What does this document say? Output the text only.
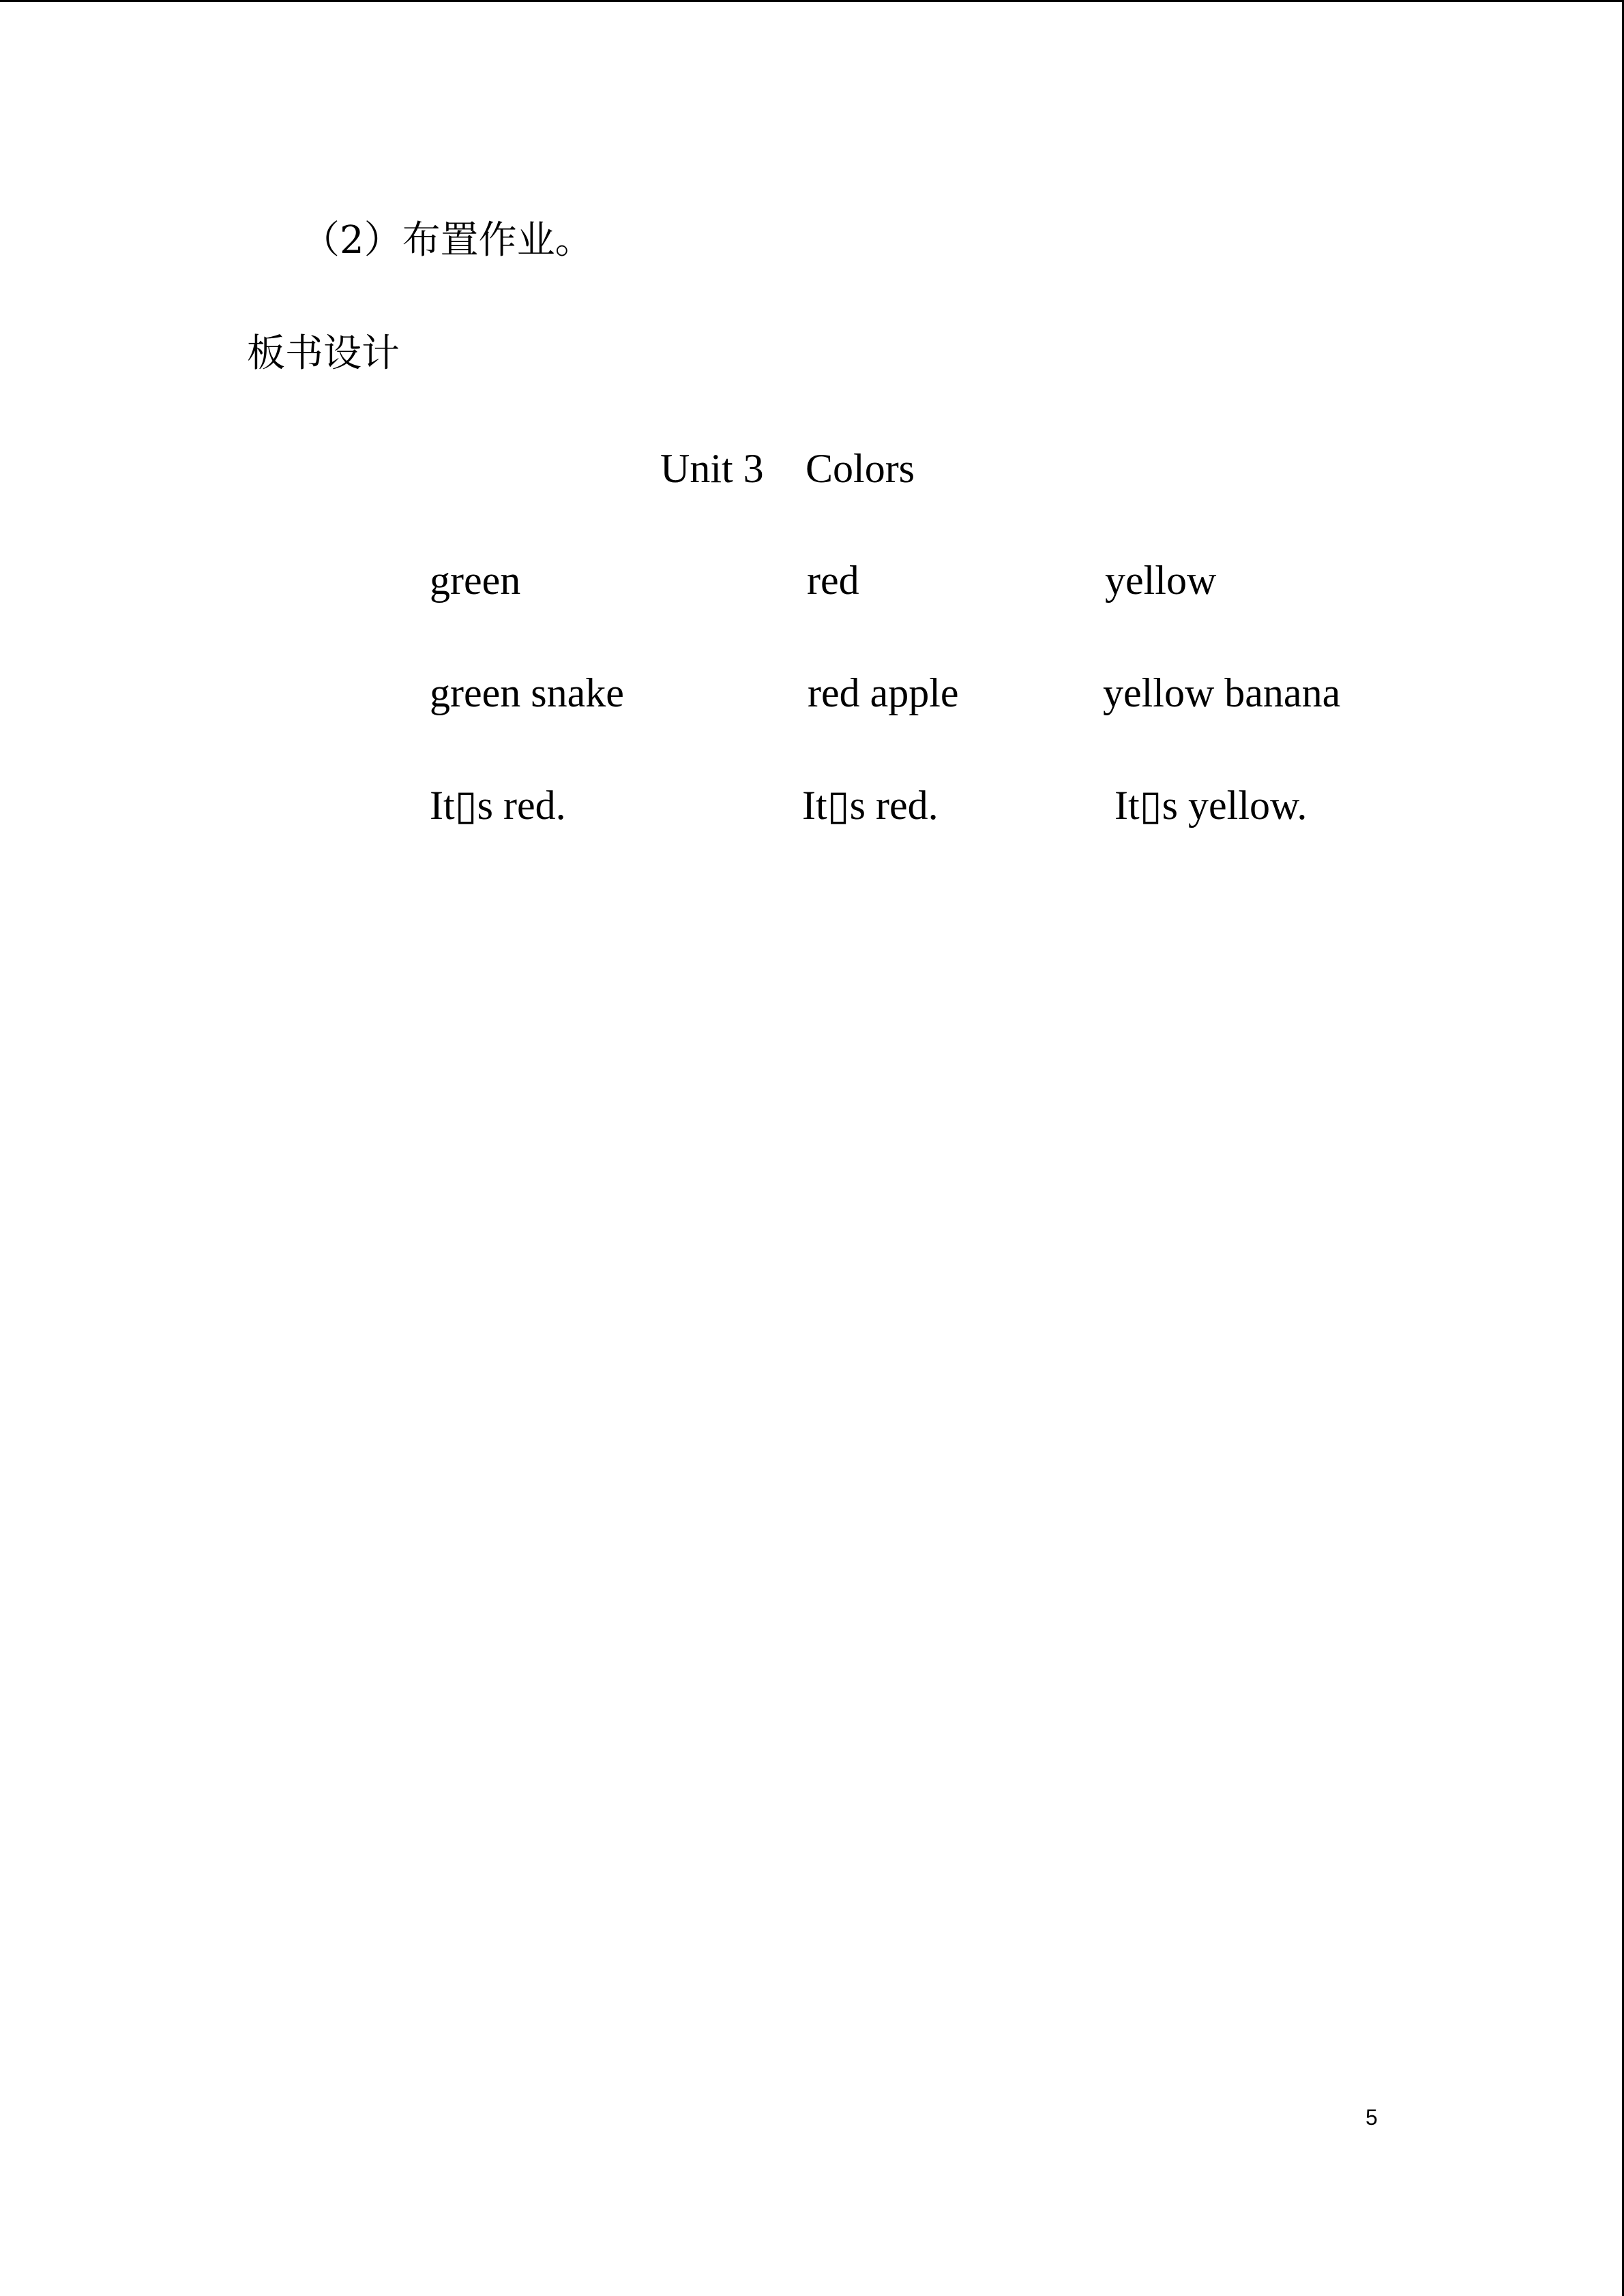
（2）布置作业。
板书设计
Unit 3 Colors
green	red	yellow
green snake	red apple	yellow banana
It▯s red.	It▯s red.	It▯s yellow.
5
